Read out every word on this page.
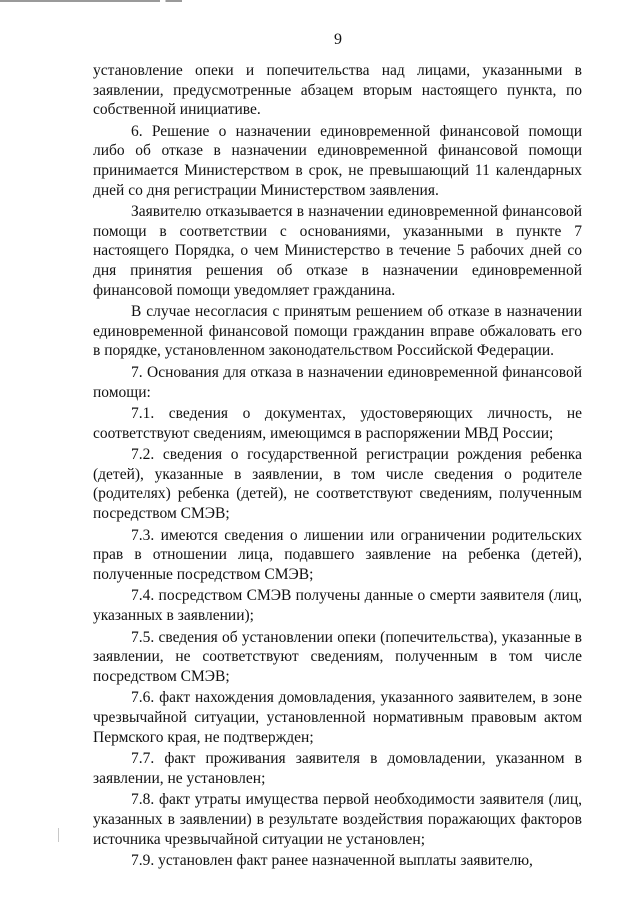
9

установление опеки и попечительства над лицами, указанными в заявлении, предусмотренные абзацем вторым настоящего пункта, по собственной инициативе.

6. Решение о назначении единовременной финансовой помощи либо об отказе в назначении единовременной финансовой помощи принимается Министерством в срок, не превышающий 11 календарных дней со дня регистрации Министерством заявления.

Заявителю отказывается в назначении единовременной финансовой помощи в соответствии с основаниями, указанными в пункте 7 настоящего Порядка, о чем Министерство в течение 5 рабочих дней со дня принятия решения об отказе в назначении единовременной финансовой помощи уведомляет гражданина.

В случае несогласия с принятым решением об отказе в назначении единовременной финансовой помощи гражданин вправе обжаловать его в порядке, установленном законодательством Российской Федерации.

7. Основания для отказа в назначении единовременной финансовой помощи:

7.1. сведения о документах, удостоверяющих личность, не соответствуют сведениям, имеющимся в распоряжении МВД России;

7.2. сведения о государственной регистрации рождения ребенка (детей), указанные в заявлении, в том числе сведения о родителе (родителях) ребенка (детей), не соответствуют сведениям, полученным посредством СМЭВ;

7.3. имеются сведения о лишении или ограничении родительских прав в отношении лица, подавшего заявление на ребенка (детей), полученные посредством СМЭВ;

7.4. посредством СМЭВ получены данные о смерти заявителя (лиц, указанных в заявлении);

7.5. сведения об установлении опеки (попечительства), указанные в заявлении, не соответствуют сведениям, полученным в том числе посредством СМЭВ;

7.6. факт нахождения домовладения, указанного заявителем, в зоне чрезвычайной ситуации, установленной нормативным правовым актом Пермского края, не подтвержден;

7.7. факт проживания заявителя в домовладении, указанном в заявлении, не установлен;

7.8. факт утраты имущества первой необходимости заявителя (лиц, указанных в заявлении) в результате воздействия поражающих факторов источника чрезвычайной ситуации не установлен;

7.9. установлен факт ранее назначенной выплаты заявителю,
